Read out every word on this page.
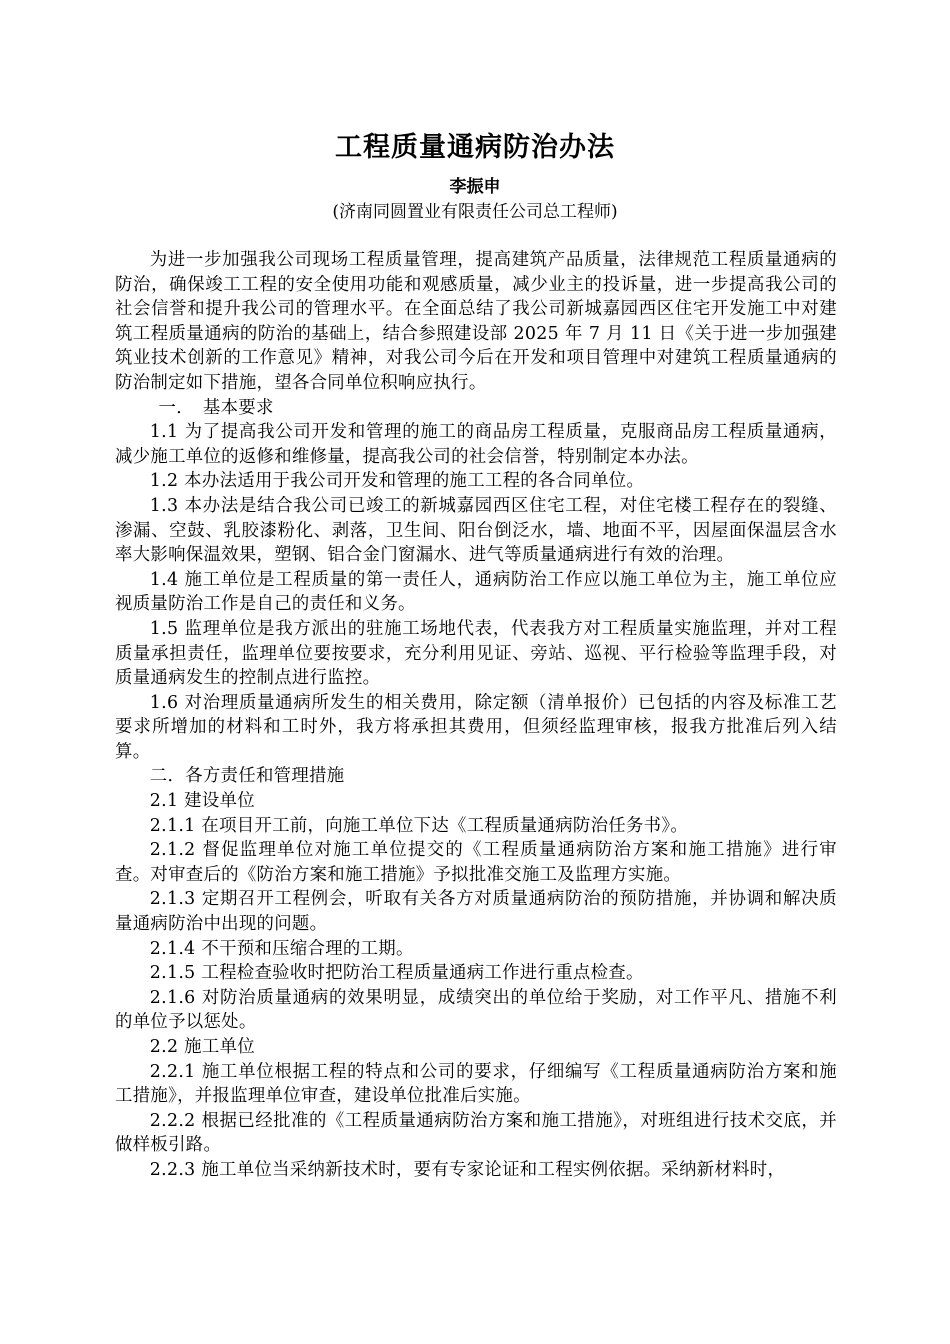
工程质量通病防治办法
李振申
(济南同圆置业有限责任公司总工程师)

为进一步加强我公司现场工程质量管理，提高建筑产品质量，法律规范工程质量通病的防治，确保竣工工程的安全使用功能和观感质量，减少业主的投诉量，进一步提高我公司的社会信誉和提升我公司的管理水平。在全面总结了我公司新城嘉园西区住宅开发施工中对建筑工程质量通病的防治的基础上，结合参照建设部 2025 年 7 月 11 日《关于进一步加强建筑业技术创新的工作意见》精神，对我公司今后在开发和项目管理中对建筑工程质量通病的防治制定如下措施，望各合同单位积响应执行。

一．　基本要求

1.1 为了提高我公司开发和管理的施工的商品房工程质量，克服商品房工程质量通病，减少施工单位的返修和维修量，提高我公司的社会信誉，特别制定本办法。

1.2 本办法适用于我公司开发和管理的施工工程的各合同单位。

1.3 本办法是结合我公司已竣工的新城嘉园西区住宅工程，对住宅楼工程存在的裂缝、渗漏、空鼓、乳胶漆粉化、剥落，卫生间、阳台倒泛水，墙、地面不平，因屋面保温层含水率大影响保温效果，塑钢、铝合金门窗漏水、进气等质量通病进行有效的治理。

1.4 施工单位是工程质量的第一责任人，通病防治工作应以施工单位为主，施工单位应视质量防治工作是自己的责任和义务。

1.5 监理单位是我方派出的驻施工场地代表，代表我方对工程质量实施监理，并对工程质量承担责任，监理单位要按要求，充分利用见证、旁站、巡视、平行检验等监理手段，对质量通病发生的控制点进行监控。

1.6 对治理质量通病所发生的相关费用，除定额（清单报价）已包括的内容及标准工艺要求所增加的材料和工时外，我方将承担其费用，但须经监理审核，报我方批准后列入结算。

二．各方责任和管理措施

2.1 建设单位

2.1.1 在项目开工前，向施工单位下达《工程质量通病防治任务书》。

2.1.2 督促监理单位对施工单位提交的《工程质量通病防治方案和施工措施》进行审查。对审查后的《防治方案和施工措施》予拟批准交施工及监理方实施。

2.1.3 定期召开工程例会，听取有关各方对质量通病防治的预防措施，并协调和解决质量通病防治中出现的问题。

2.1.4 不干预和压缩合理的工期。

2.1.5 工程检查验收时把防治工程质量通病工作进行重点检查。

2.1.6 对防治质量通病的效果明显，成绩突出的单位给于奖励，对工作平凡、措施不利的单位予以惩处。

2.2 施工单位

2.2.1 施工单位根据工程的特点和公司的要求，仔细编写《工程质量通病防治方案和施工措施》，并报监理单位审查，建设单位批准后实施。

2.2.2 根据已经批准的《工程质量通病防治方案和施工措施》，对班组进行技术交底，并做样板引路。

2.2.3 施工单位当采纳新技术时，要有专家论证和工程实例依据。采纳新材料时，
